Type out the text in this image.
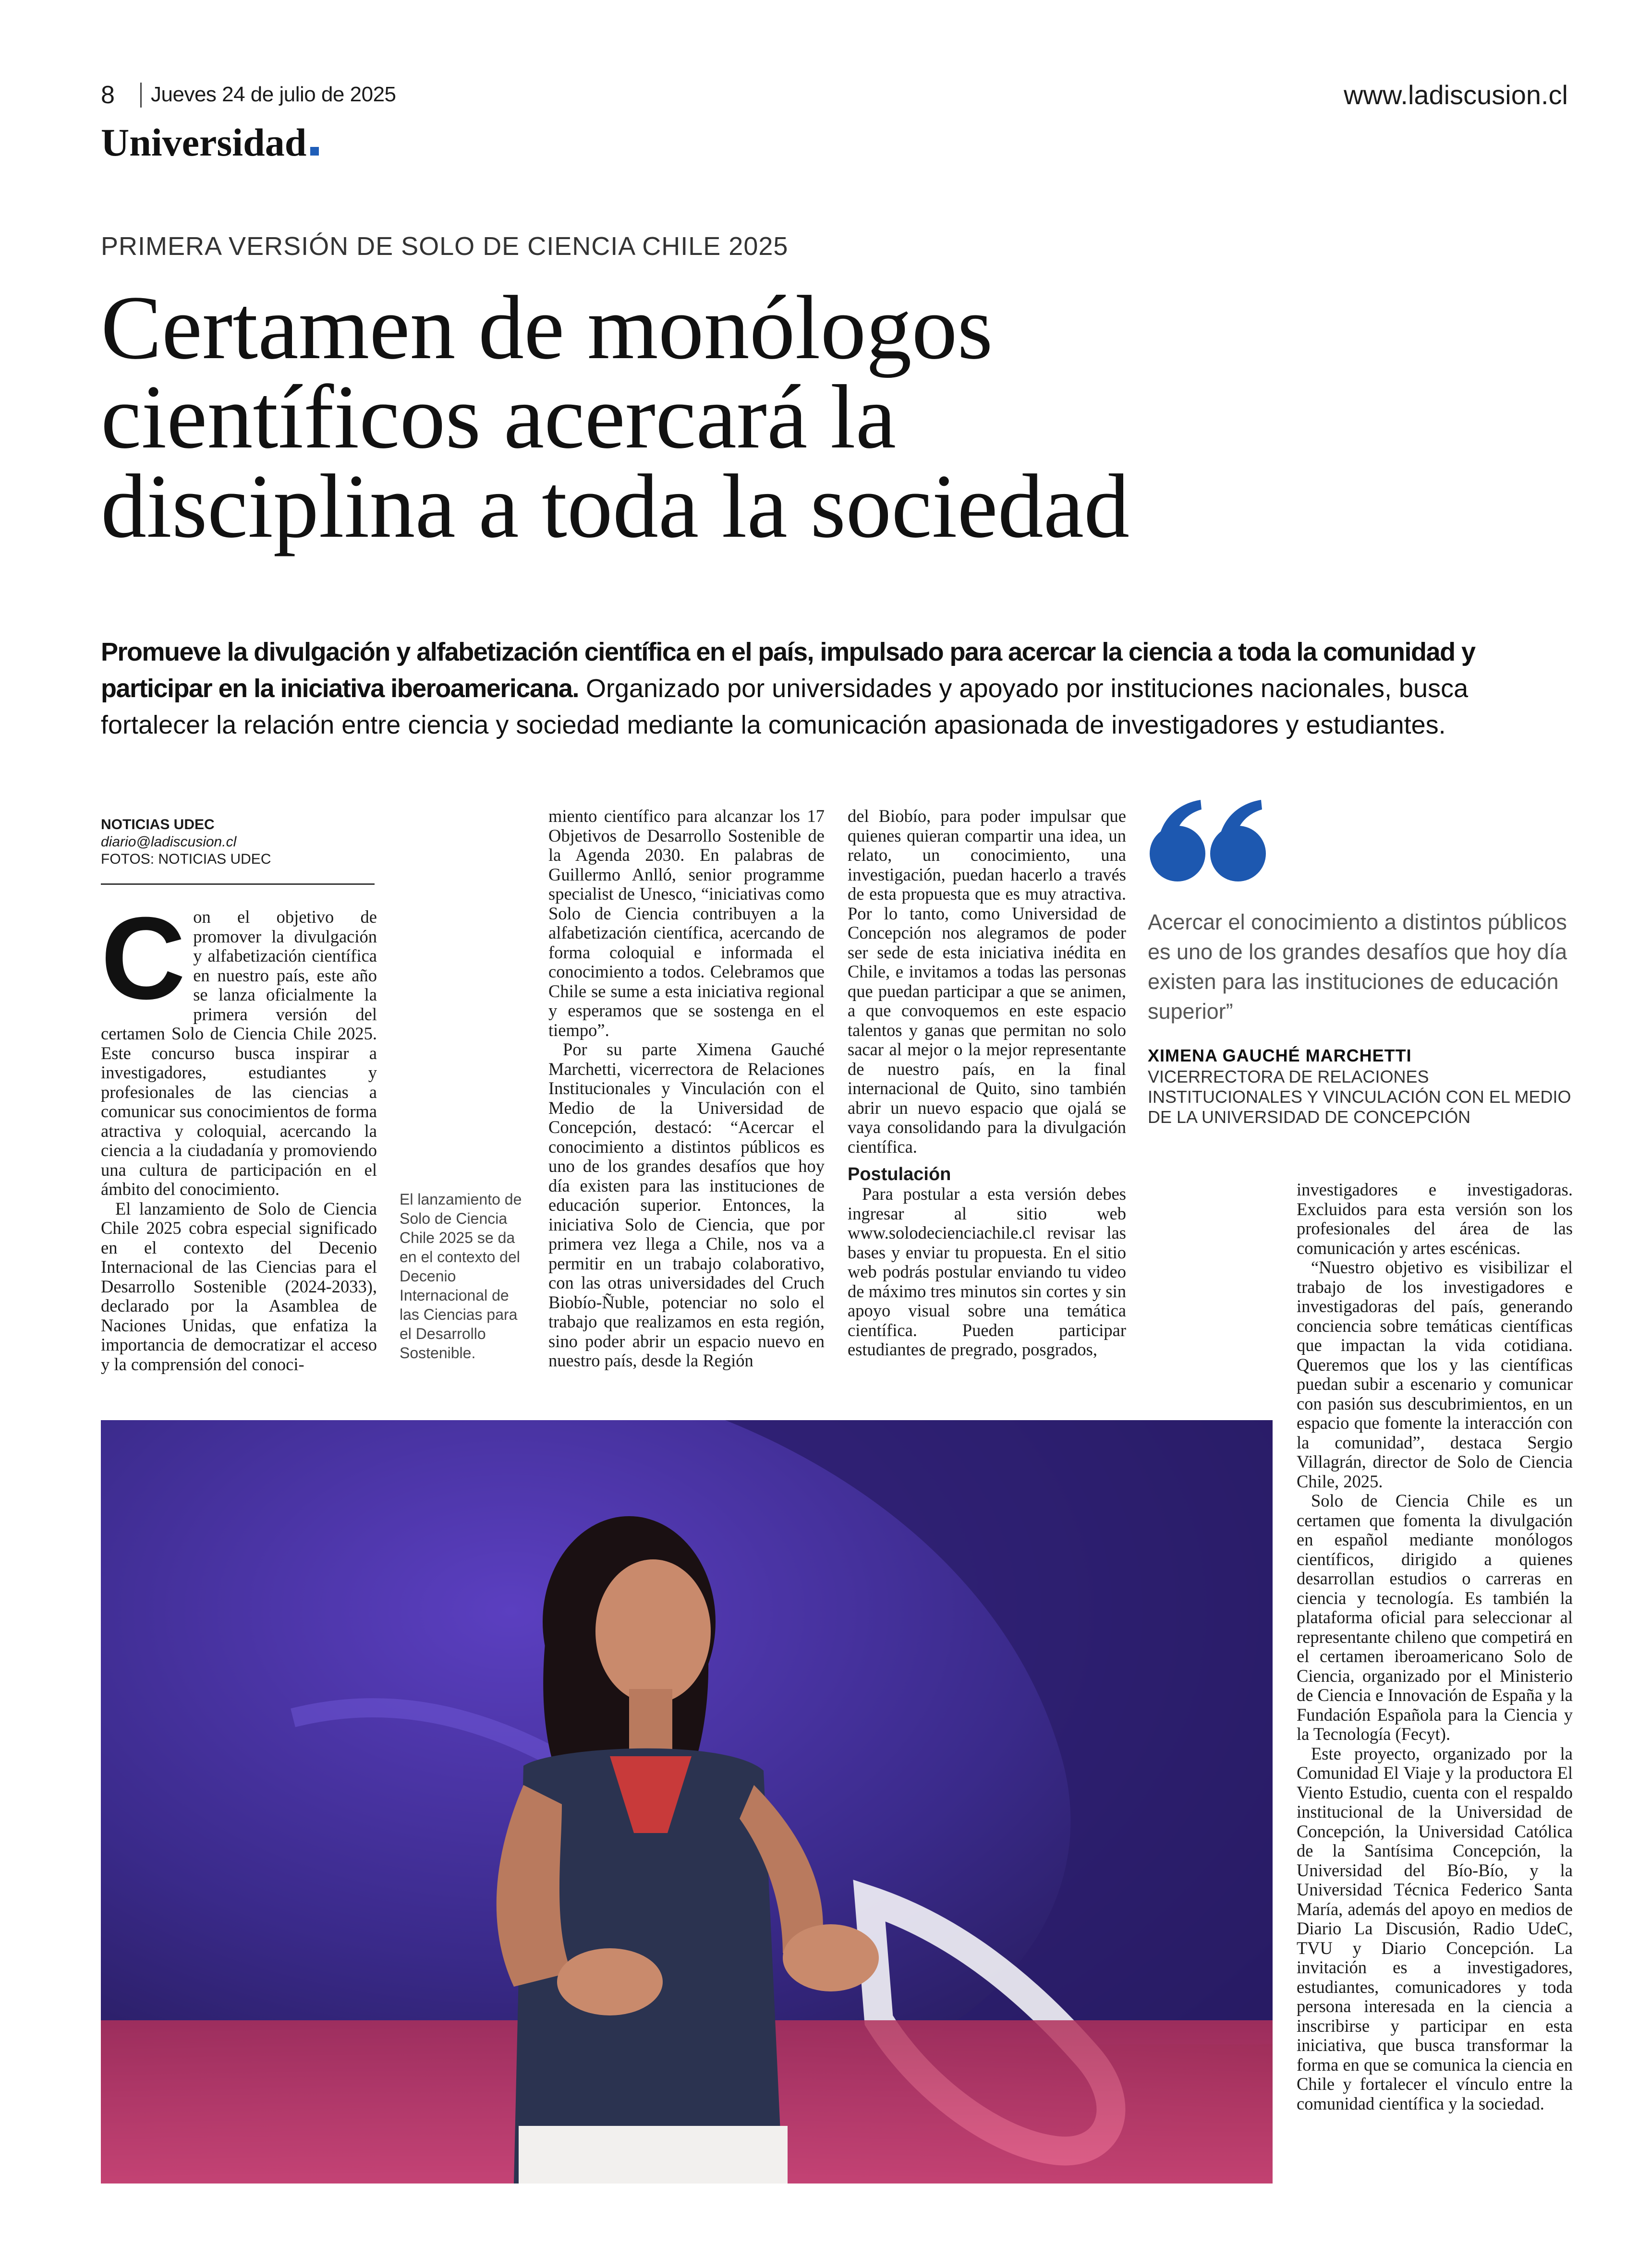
8 Jueves 24 de julio de 2025	www.ladiscusion.cl
Universidad
PRIMERA VERSIÓN DE SOLO DE CIENCIA CHILE 2025
Certamen de monólogos
científicos acercará la
disciplina a toda la sociedad

Promueve la divulgación y alfabetización científica en el país, impulsado para acercar la ciencia a toda la comunidad y participar en la iniciativa iberoamericana. Organizado por universidades y apoyado por instituciones nacionales, busca fortalecer la relación entre ciencia y sociedad mediante la comunicación apasionada de investigadores y estudiantes.

NOTICIAS UDEC
diario@ladiscusion.cl
FOTOS: NOTICIAS UDEC
C on el objetivo de promover la divulgación y alfabetización científica en nuestro país, este año se lanza oficialmente la primera versión del certamen Solo de Ciencia Chile 2025. Este concurso busca inspirar a investigadores, estudiantes y profesionales de las ciencias a comunicar sus conocimientos de forma atractiva y coloquial, acercando la ciencia a la ciudadanía y promoviendo una cultura de participación en el ámbito del conocimiento.

El lanzamiento de Solo de Ciencia Chile 2025 cobra especial significado en el contexto del Decenio Internacional de las Ciencias para el Desarrollo Sostenible (2024-2033), declarado por la Asamblea de Naciones Unidas, que enfatiza la importancia de democratizar el acceso y la comprensión del conoci-

El lanzamiento de Solo de Ciencia Chile 2025 se da en el contexto del Decenio Internacional de las Ciencias para el Desarrollo Sostenible.

miento científico para alcanzar los 17 Objetivos de Desarrollo Sostenible de la Agenda 2030. En palabras de Guillermo Anlló, senior programme specialist de Unesco, “iniciativas como Solo de Ciencia contribuyen a la alfabetización científica, acercando de forma coloquial e informada el conocimiento a todos. Celebramos que Chile se sume a esta iniciativa regional y esperamos que se sostenga en el tiempo”.

Por su parte Ximena Gauché Marchetti, vicerrectora de Relaciones Institucionales y Vinculación con el Medio de la Universidad de Concepción, destacó: “Acercar el conocimiento a distintos públicos es uno de los grandes desafíos que hoy día existen para las instituciones de educación superior. Entonces, la iniciativa Solo de Ciencia, que por primera vez llega a Chile, nos va a permitir en un trabajo colaborativo, con las otras universidades del Cruch Biobío-Ñuble, potenciar no solo el trabajo que realizamos en esta región, sino poder abrir un espacio nuevo en nuestro país, desde la Región

del Biobío, para poder impulsar que quienes quieran compartir una idea, un relato, un conocimiento, una investigación, puedan hacerlo a través de esta propuesta que es muy atractiva. Por lo tanto, como Universidad de Concepción nos alegramos de poder ser sede de esta iniciativa inédita en Chile, e invitamos a todas las personas que puedan participar a que se animen, a que convoquemos en este espacio talentos y ganas que permitan no solo sacar al mejor o la mejor representante de nuestro país, en la final internacional de Quito, sino también abrir un nuevo espacio que ojalá se vaya consolidando para la divulgación científica.

Postulación

Para postular a esta versión debes ingresar al sitio web www.solodecienciachile.cl revisar las bases y enviar tu propuesta. En el sitio web podrás postular enviando tu video de máximo tres minutos sin cortes y sin apoyo visual sobre una temática científica. Pueden participar estudiantes de pregrado, posgrados,

Acercar el conocimiento a distintos públicos es uno de los grandes desafíos que hoy día existen para las instituciones de educación superior”

XIMENA GAUCHÉ MARCHETTI
VICERRECTORA DE RELACIONES INSTITUCIONALES Y VINCULACIÓN CON EL MEDIO DE LA UNIVERSIDAD DE CONCEPCIÓN

investigadores e investigadoras. Excluidos para esta versión son los profesionales del área de las comunicación y artes escénicas.

“Nuestro objetivo es visibilizar el trabajo de los investigadores e investigadoras del país, generando conciencia sobre temáticas científicas que impactan la vida cotidiana. Queremos que los y las científicas puedan subir a escenario y comunicar con pasión sus descubrimientos, en un espacio que fomente la interacción con la comunidad”, destaca Sergio Villagrán, director de Solo de Ciencia Chile, 2025.

Solo de Ciencia Chile es un certamen que fomenta la divulgación en español mediante monólogos científicos, dirigido a quienes desarrollan estudios o carreras en ciencia y tecnología. Es también la plataforma oficial para seleccionar al representante chileno que competirá en el certamen iberoamericano Solo de Ciencia, organizado por el Ministerio de Ciencia e Innovación de España y la Fundación Española para la Ciencia y la Tecnología (Fecyt).

Este proyecto, organizado por la Comunidad El Viaje y la productora El Viento Estudio, cuenta con el respaldo institucional de la Universidad de Concepción, la Universidad Católica de la Santísima Concepción, la Universidad del Bío-Bío, y la Universidad Técnica Federico Santa María, además del apoyo en medios de Diario La Discusión, Radio UdeC, TVU y Diario Concepción. La invitación es a investigadores, estudiantes, comunicadores y toda persona interesada en la ciencia a inscribirse y participar en esta iniciativa, que busca transformar la forma en que se comunica la ciencia en Chile y fortalecer el vínculo entre la comunidad científica y la sociedad.
